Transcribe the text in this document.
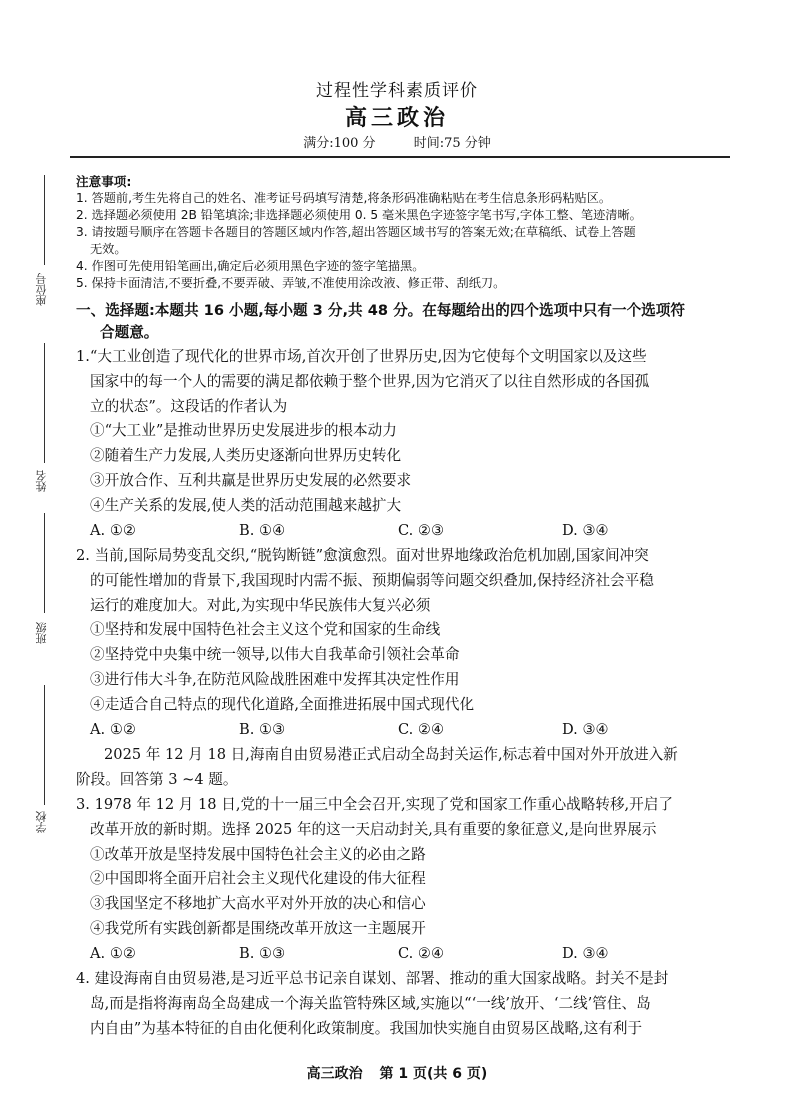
过程性学科素质评价
高三政治
满分:100 分	时间:75 分钟
座位号
姓名
班级
学校
注意事项:
1. 答题前,考生先将自己的姓名、准考证号码填写清楚,将条形码准确粘贴在考生信息条形码粘贴区。
2. 选择题必须使用 2B 铅笔填涂;非选择题必须使用 0. 5 毫米黑色字迹签字笔书写,字体工整、笔迹清晰。
3. 请按题号顺序在答题卡各题目的答题区域内作答,超出答题区域书写的答案无效;在草稿纸、试卷上答题
无效。
4. 作图可先使用铅笔画出,确定后必须用黑色字迹的签字笔描黑。
5. 保持卡面清洁,不要折叠,不要弄破、弄皱,不准使用涂改液、修正带、刮纸刀。
一、选择题:本题共 16 小题,每小题 3 分,共 48 分。在每题给出的四个选项中只有一个选项符
合题意。
1.“大工业创造了现代化的世界市场,首次开创了世界历史,因为它使每个文明国家以及这些
国家中的每一个人的需要的满足都依赖于整个世界,因为它消灭了以往自然形成的各国孤
立的状态”。这段话的作者认为
①“大工业”是推动世界历史发展进步的根本动力
②随着生产力发展,人类历史逐渐向世界历史转化
③开放合作、互利共赢是世界历史发展的必然要求
④生产关系的发展,使人类的活动范围越来越扩大
A. ①②	B. ①④	C. ②③	D. ③④
2. 当前,国际局势变乱交织,“脱钩断链”愈演愈烈。面对世界地缘政治危机加剧,国家间冲突
的可能性增加的背景下,我国现时内需不振、预期偏弱等问题交织叠加,保持经济社会平稳
运行的难度加大。对此,为实现中华民族伟大复兴必须
①坚持和发展中国特色社会主义这个党和国家的生命线
②坚持党中央集中统一领导,以伟大自我革命引领社会革命
③进行伟大斗争,在防范风险战胜困难中发挥其决定性作用
④走适合自己特点的现代化道路,全面推进拓展中国式现代化
A. ①②	B. ①③	C. ②④	D. ③④
2025 年 12 月 18 日,海南自由贸易港正式启动全岛封关运作,标志着中国对外开放进入新
阶段。回答第 3 ~4 题。
3. 1978 年 12 月 18 日,党的十一届三中全会召开,实现了党和国家工作重心战略转移,开启了
改革开放的新时期。选择 2025 年的这一天启动封关,具有重要的象征意义,是向世界展示
①改革开放是坚持发展中国特色社会主义的必由之路
②中国即将全面开启社会主义现代化建设的伟大征程
③我国坚定不移地扩大高水平对外开放的决心和信心
④我党所有实践创新都是围绕改革开放这一主题展开
A. ①②	B. ①③	C. ②④	D. ③④
4. 建设海南自由贸易港,是习近平总书记亲自谋划、部署、推动的重大国家战略。封关不是封
岛,而是指将海南岛全岛建成一个海关监管特殊区域,实施以“‘一线’放开、‘二线’管住、岛
内自由”为基本特征的自由化便利化政策制度。我国加快实施自由贸易区战略,这有利于
高三政治 第 1 页(共 6 页)
